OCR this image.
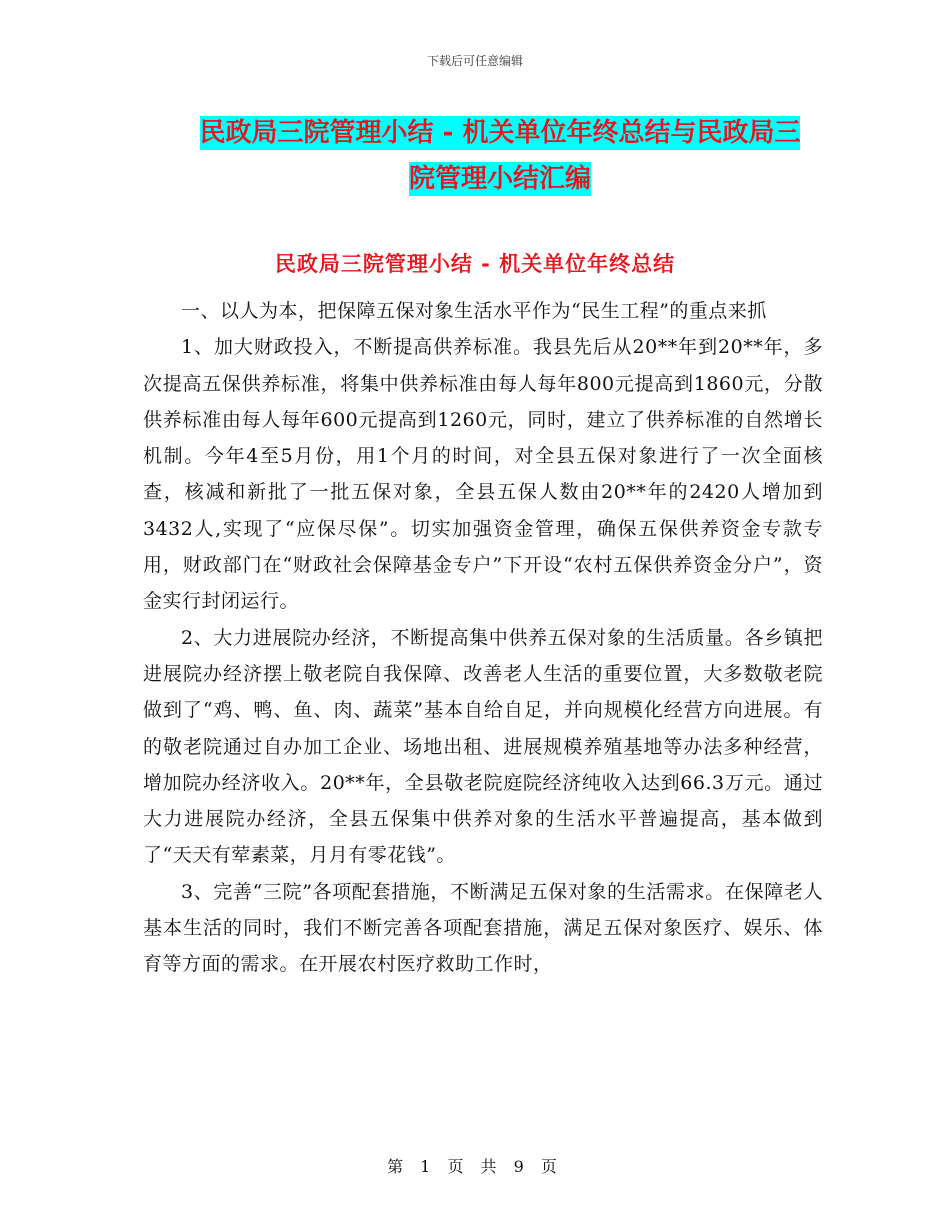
下载后可任意编辑
民政局三院管理小结 - 机关单位年终总结与民政局三
院管理小结汇编
民政局三院管理小结 - 机关单位年终总结

一、以人为本，把保障五保对象生活水平作为“民生工程”的重点来抓

1、加大财政投入，不断提高供养标准。我县先后从20**年到20**年，多次提高五保供养标准，将集中供养标准由每人每年800元提高到1860元，分散供养标准由每人每年600元提高到1260元，同时，建立了供养标准的自然增长机制。今年4至5月份，用1个月的时间，对全县五保对象进行了一次全面核查，核减和新批了一批五保对象，全县五保人数由20**年的2420人增加到3432人,实现了“应保尽保”。切实加强资金管理，确保五保供养资金专款专用，财政部门在“财政社会保障基金专户”下开设“农村五保供养资金分户”，资金实行封闭运行。

2、大力进展院办经济，不断提高集中供养五保对象的生活质量。各乡镇把进展院办经济摆上敬老院自我保障、改善老人生活的重要位置，大多数敬老院做到了“鸡、鸭、鱼、肉、蔬菜”基本自给自足，并向规模化经营方向进展。有的敬老院通过自办加工企业、场地出租、进展规模养殖基地等办法多种经营，增加院办经济收入。20**年，全县敬老院庭院经济纯收入达到66.3万元。通过大力进展院办经济，全县五保集中供养对象的生活水平普遍提高，基本做到了“天天有荤素菜，月月有零花钱”。

3、完善“三院”各项配套措施，不断满足五保对象的生活需求。在保障老人基本生活的同时，我们不断完善各项配套措施，满足五保对象医疗、娱乐、体育等方面的需求。在开展农村医疗救助工作时，

第 1 页 共 9 页
